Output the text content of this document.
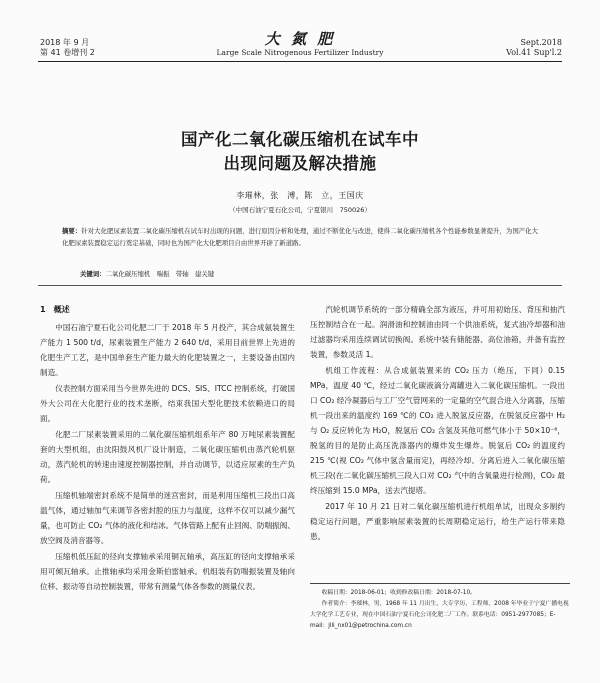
2018 年 9 月
第 41 卷增刊 2
大 氮 肥
Large Scale Nitrogenous Fertilizer Industry
Sept.2018
Vol.41 Sup'l.2
国产化二氧化碳压缩机在试车中
出现问题及解决措施
李璀林，张　溥，陈　立，王国庆
（中国石油宁夏石化公司，宁夏银川　750026）
摘要：针对大化肥尿素装置二氧化碳压缩机在试车时出现的问题，进行原因分析和处理，通过不断优化与改进，使得二氧化碳压缩机各个性能参数显著提升，为国产化大化肥尿素装置稳定运行奠定基础，同时也为国产化大化肥项目自由世界开辟了新道路。
关键词：二氧化碳压缩机　喘振　带轴　建关键
1　概述

中国石油宁夏石化公司化肥二厂于 2018 年 5 月投产，其合成氨装置生产能力 1 500 t/d，尿素装置生产能力 2 640 t/d，采用目前世界上先进的化肥生产工艺，是中国单套生产能力最大的化肥装置之一，主要设备由国内制造。

仪表控制方面采用当今世界先进的 DCS、SIS、ITCC 控制系统，打破国外大公司在大化肥行业的技术垄断，结束我国大型化肥技术依赖进口的局面。

化肥二厂尿素装置采用的二氧化碳压缩机组系年产 80 万吨尿素装置配套的大型机组，由沈阳鼓风机厂设计制造，二氧化碳压缩机由蒸汽轮机驱动，蒸汽轮机的转速由速度控制器控制，并自动调节，以适应尿素的生产负荷。

压缩机轴端密封系统不是简单的迷宫密封，而是利用压缩机三段出口高温气体，通过轴加气来调节各密封腔的压力与温度，这样不仅可以减少漏气量，也可防止 CO₂ 气体的液化和结冰。气体管路上配有止回阀、防喘振阀、放空阀及消音器等。

压缩机低压缸的径向支撑轴承采用铜瓦轴承，高压缸的径向支撑轴承采用可倾瓦轴承。止推轴承均采用金斯伯雷轴承。机组装有防喘振装置及轴向位移、振动等自动控制装置，带常有测量气体各参数的测量仪表。

汽轮机调节系统的一部分精确全部为液压，并可用初始压、背压和抽汽压控制结合在一起。润滑油和控制油由同一个供油系统，复式油冷却器和油过滤器均采用连续调试切换阀。系统中装有储能器、高位油箱，并备有监控装置，参数灵活 1。

机组工作流程：从合成氨装置来的 CO₂ 压力（绝压，下同）0.15 MPa，温度 40 ℃，经过二氧化碳液滴分离罐进入二氧化碳压缩机。一段出口 CO₂ 经冷凝器后与工厂空气管网来的一定量的空气混合进入分离器，压缩机一段出来的温度约 169 ℃的 CO₂ 进入脱氢反应器，在脱氢反应器中 H₂ 与 O₂ 反应转化为 H₂O，脱氢后 CO₂ 含氢及其他可燃气体小于 50×10⁻⁶，脱氢的目的是防止高压洗涤器内的爆炸发生爆炸。脱氢后 CO₂ 的温度约 215 ℃(视 CO₂ 气体中氢含量而定)，再经冷却、分离后进入二氧化碳压缩机三段(在二氧化碳压缩机三段入口对 CO₂ 气中的含氧量进行检测)，CO₂ 最终压缩到 15.0 MPa，送去汽提塔。

2017 年 10 月 21 日对二氧化碳压缩机进行机组单试，出现众多制约稳定运行问题，严重影响尿素装置的长周期稳定运行，给生产运行带来隐患。

收稿日期：2018-06-01；收到修改稿日期：2018-07-10。
作者简介：李璀林，男，1968 年 11 月出生，大专学历，工程师，2008 年毕业于宁夏广播电视大学化学工艺专业，现在中国石油宁夏石化公司化肥二厂工作。联系电话：0951-2977085；E-mail：jlli_nx01@petrochina.com.cn
